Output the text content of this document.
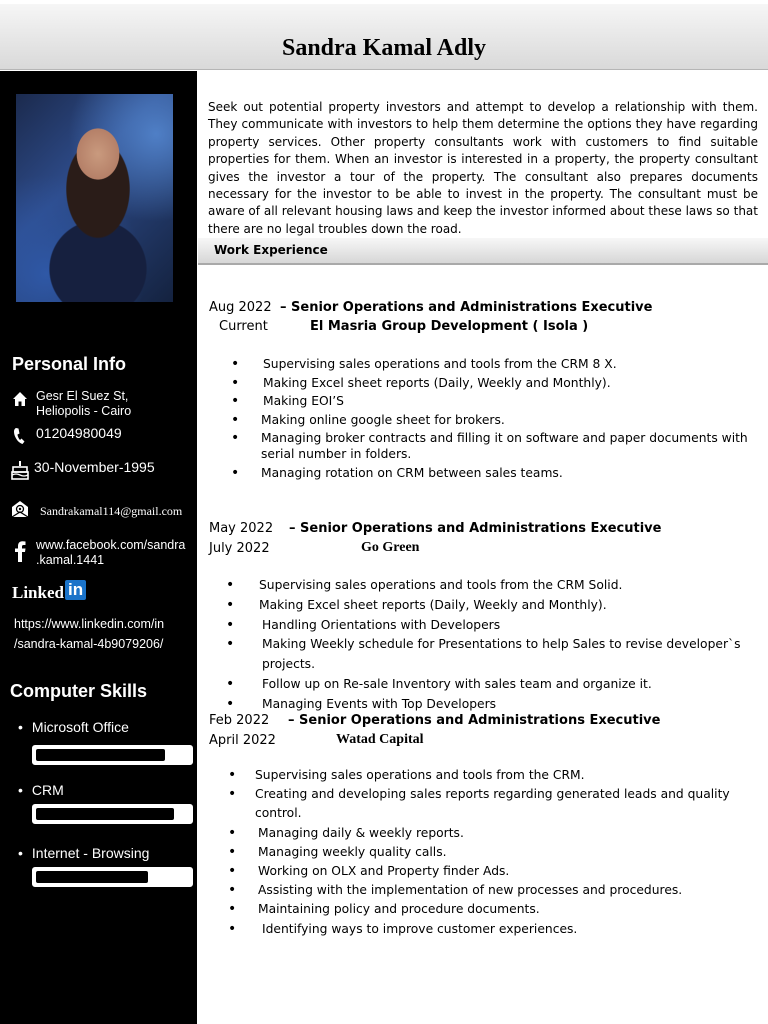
Sandra Kamal Adly
Personal Info
Gesr El Suez St,
Heliopolis - Cairo
01204980049
30-November-1995
Sandrakamal114@gmail.com
www.facebook.com/sandra
.kamal.1441
Linked in
https://www.linkedin.com/in
/sandra-kamal-4b9079206/
Computer Skills
• Microsoft Office
• CRM
• Internet - Browsing
Seek out potential property investors and attempt to develop a relationship with them. They communicate with investors to help them determine the options they have regarding property services. Other property consultants work with customers to find suitable properties for them. When an investor is interested in a property, the property consultant gives the investor a tour of the property. The consultant also prepares documents necessary for the investor to be able to invest in the property. The consultant must be aware of all relevant housing laws and keep the investor informed about these laws so that there are no legal troubles down the road.
Work Experience
Aug 2022 – Senior Operations and Administrations Executive
Current	El Masria Group Development ( Isola )
• Supervising sales operations and tools from the CRM 8 X.
• Making Excel sheet reports (Daily, Weekly and Monthly).
• Making EOI’S
• Making online google sheet for brokers.
• Managing broker contracts and filling it on software and paper documents with serial number in folders.
• Managing rotation on CRM between sales teams.
May 2022 – Senior Operations and Administrations Executive
July 2022	Go Green
• Supervising sales operations and tools from the CRM Solid.
• Making Excel sheet reports (Daily, Weekly and Monthly).
• Handling Orientations with Developers
• Making Weekly schedule for Presentations to help Sales to revise developer`s projects.
• Follow up on Re-sale Inventory with sales team and organize it.
• Managing Events with Top Developers
Feb 2022 – Senior Operations and Administrations Executive
April 2022	Watad Capital
• Supervising sales operations and tools from the CRM.
• Creating and developing sales reports regarding generated leads and quality control.
• Managing daily & weekly reports.
• Managing weekly quality calls.
• Working on OLX and Property finder Ads.
• Assisting with the implementation of new processes and procedures.
• Maintaining policy and procedure documents.
• Identifying ways to improve customer experiences.
